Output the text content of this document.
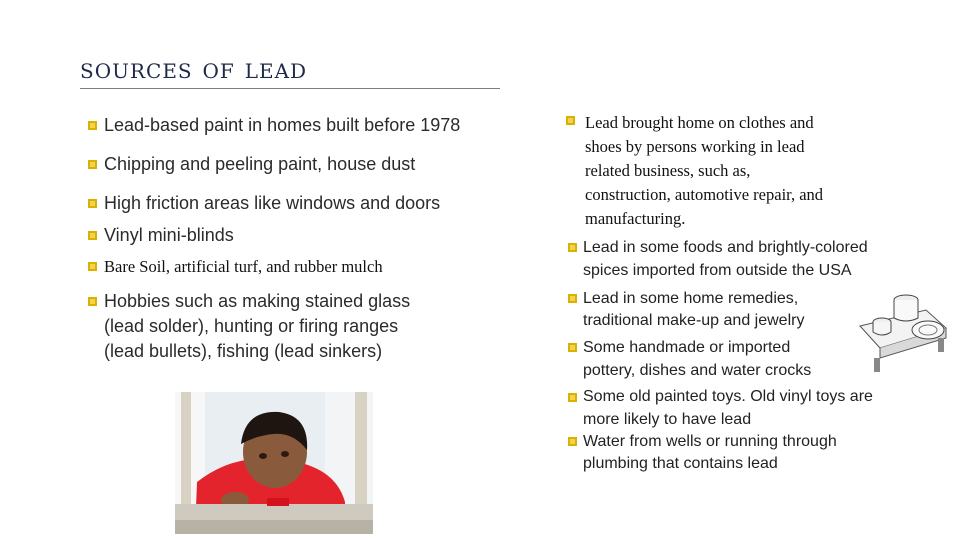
sources of lead
Lead-based paint in homes built before 1978
Chipping and peeling paint, house dust
High friction areas like windows and doors
Vinyl mini-blinds
Bare Soil, artificial turf, and rubber mulch
Hobbies such as making stained glass
(lead solder), hunting or firing ranges
(lead bullets), fishing (lead sinkers)
Lead brought home on clothes and
shoes by persons working in lead
related business, such as,
construction, automotive repair, and
manufacturing.
Lead in some foods and brightly-colored
spices imported from outside the USA
Lead in some home remedies,
traditional make-up and jewelry
Some handmade or imported
pottery, dishes and water crocks
Some old painted toys. Old vinyl toys are
more likely to have lead
Water from wells or running through
plumbing that contains lead
